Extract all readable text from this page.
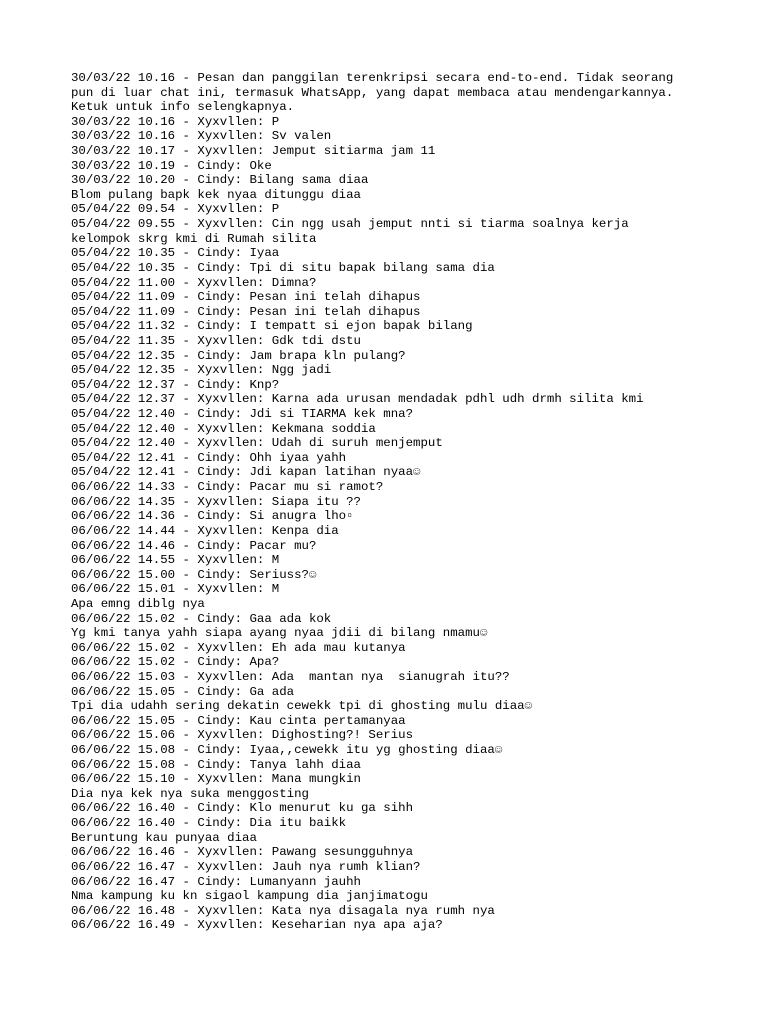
30/03/22 10.16 - Pesan dan panggilan terenkripsi secara end-to-end. Tidak seorang
pun di luar chat ini, termasuk WhatsApp, yang dapat membaca atau mendengarkannya.
Ketuk untuk info selengkapnya.
30/03/22 10.16 - Xyxvllen: P
30/03/22 10.16 - Xyxvllen: Sv valen
30/03/22 10.17 - Xyxvllen: Jemput sitiarma jam 11
30/03/22 10.19 - Cindy: Oke
30/03/22 10.20 - Cindy: Bilang sama diaa
Blom pulang bapk kek nyaa ditunggu diaa
05/04/22 09.54 - Xyxvllen: P
05/04/22 09.55 - Xyxvllen: Cin ngg usah jemput nnti si tiarma soalnya kerja
kelompok skrg kmi di Rumah silita
05/04/22 10.35 - Cindy: Iyaa
05/04/22 10.35 - Cindy: Tpi di situ bapak bilang sama dia
05/04/22 11.00 - Xyxvllen: Dimna?
05/04/22 11.09 - Cindy: Pesan ini telah dihapus
05/04/22 11.09 - Cindy: Pesan ini telah dihapus
05/04/22 11.32 - Cindy: I tempatt si ejon bapak bilang
05/04/22 11.35 - Xyxvllen: Gdk tdi dstu
05/04/22 12.35 - Cindy: Jam brapa kln pulang?
05/04/22 12.35 - Xyxvllen: Ngg jadi
05/04/22 12.37 - Cindy: Knp?
05/04/22 12.37 - Xyxvllen: Karna ada urusan mendadak pdhl udh drmh silita kmi
05/04/22 12.40 - Cindy: Jdi si TIARMA kek mna?
05/04/22 12.40 - Xyxvllen: Kekmana soddia
05/04/22 12.40 - Xyxvllen: Udah di suruh menjemput
05/04/22 12.41 - Cindy: Ohh iyaa yahh
05/04/22 12.41 - Cindy: Jdi kapan latihan nyaa☺
06/06/22 14.33 - Cindy: Pacar mu si ramot?
06/06/22 14.35 - Xyxvllen: Siapa itu ??
06/06/22 14.36 - Cindy: Si anugra lho▫
06/06/22 14.44 - Xyxvllen: Kenpa dia
06/06/22 14.46 - Cindy: Pacar mu?
06/06/22 14.55 - Xyxvllen: M
06/06/22 15.00 - Cindy: Seriuss?☺
06/06/22 15.01 - Xyxvllen: M
Apa emng diblg nya
06/06/22 15.02 - Cindy: Gaa ada kok
Yg kmi tanya yahh siapa ayang nyaa jdii di bilang nmamu☺
06/06/22 15.02 - Xyxvllen: Eh ada mau kutanya
06/06/22 15.02 - Cindy: Apa?
06/06/22 15.03 - Xyxvllen: Ada  mantan nya  sianugrah itu??
06/06/22 15.05 - Cindy: Ga ada
Tpi dia udahh sering dekatin cewekk tpi di ghosting mulu diaa☺
06/06/22 15.05 - Cindy: Kau cinta pertamanyaa
06/06/22 15.06 - Xyxvllen: Dighosting?! Serius
06/06/22 15.08 - Cindy: Iyaa,,cewekk itu yg ghosting diaa☺
06/06/22 15.08 - Cindy: Tanya lahh diaa
06/06/22 15.10 - Xyxvllen: Mana mungkin
Dia nya kek nya suka menggosting
06/06/22 16.40 - Cindy: Klo menurut ku ga sihh
06/06/22 16.40 - Cindy: Dia itu baikk
Beruntung kau punyaa diaa
06/06/22 16.46 - Xyxvllen: Pawang sesungguhnya
06/06/22 16.47 - Xyxvllen: Jauh nya rumh klian?
06/06/22 16.47 - Cindy: Lumanyann jauhh
Nma kampung ku kn sigaol kampung dia janjimatogu
06/06/22 16.48 - Xyxvllen: Kata nya disagala nya rumh nya
06/06/22 16.49 - Xyxvllen: Keseharian nya apa aja?
